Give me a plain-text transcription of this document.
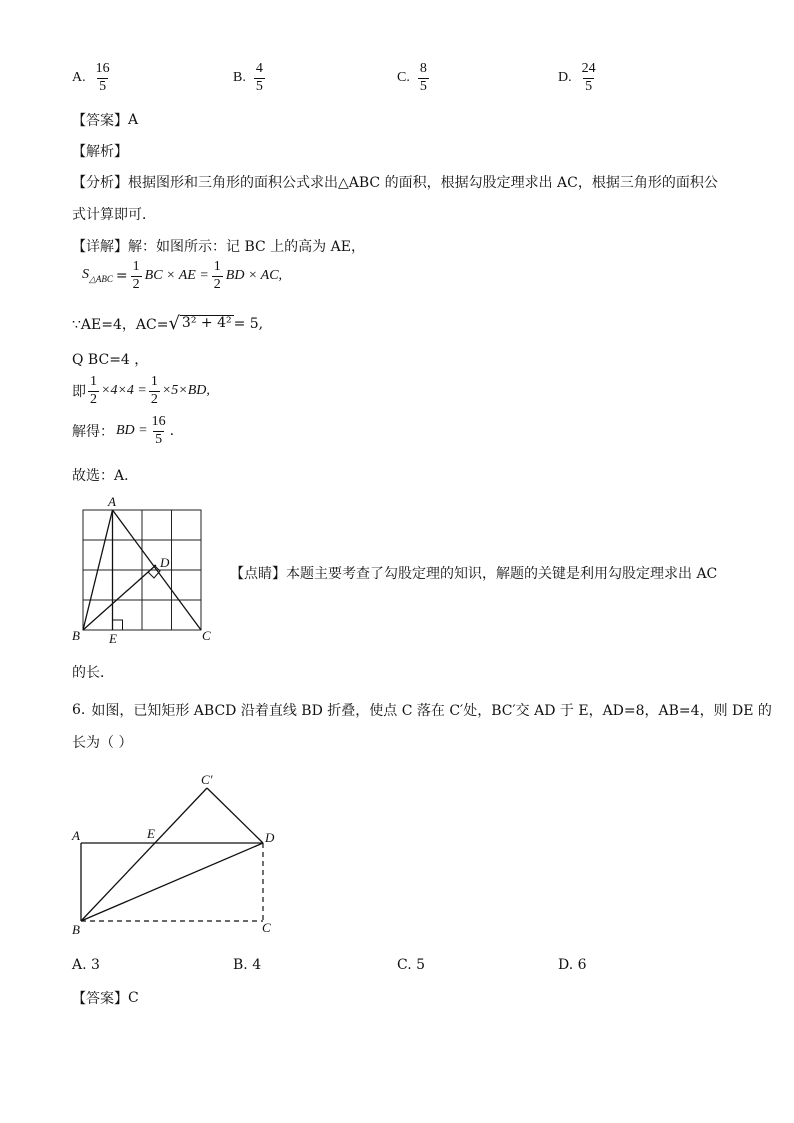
A. $\frac{16}{5}$	B. $\frac{4}{5}$	C. $\frac{8}{5}$	D. $\frac{24}{5}$
【答案】 A
【解析】
【分析】 根据图形和三角形的面积公式求出△ABC 的面积，根据勾股定理求出 AC，根据三角形的面积公
式计算即可．
【详解】 解：如图所示：记 BC 上的高为 AE，
$S_{\triangle ABC} = \frac{1}{2}$ BC × AE = $\frac{1}{2}$ BD × AC,
∵AE=4，AC= √ 3² + 4² = 5,
Q BC=4 ，
即 $\frac{1}{2} \times 4\times 4 = \frac{1}{2} \times 5\times BD$,
解得： BD = $\frac{16}{5}$ .
故选：A．
A
D
B E	C
【点睛】 本题主要考查了勾股定理的知识，解题的关键是利用勾股定理求出 AC
的长．
6. 如图，已知矩形 ABCD 沿着直线 BD 折叠，使点 C 落在 C′处，BC′交 AD 于 E，AD=8，AB=4，则 DE 的
长为（ ）
C′
A	E	D
B	C
A. 3	B. 4	C. 5	D. 6
【答案】 C
